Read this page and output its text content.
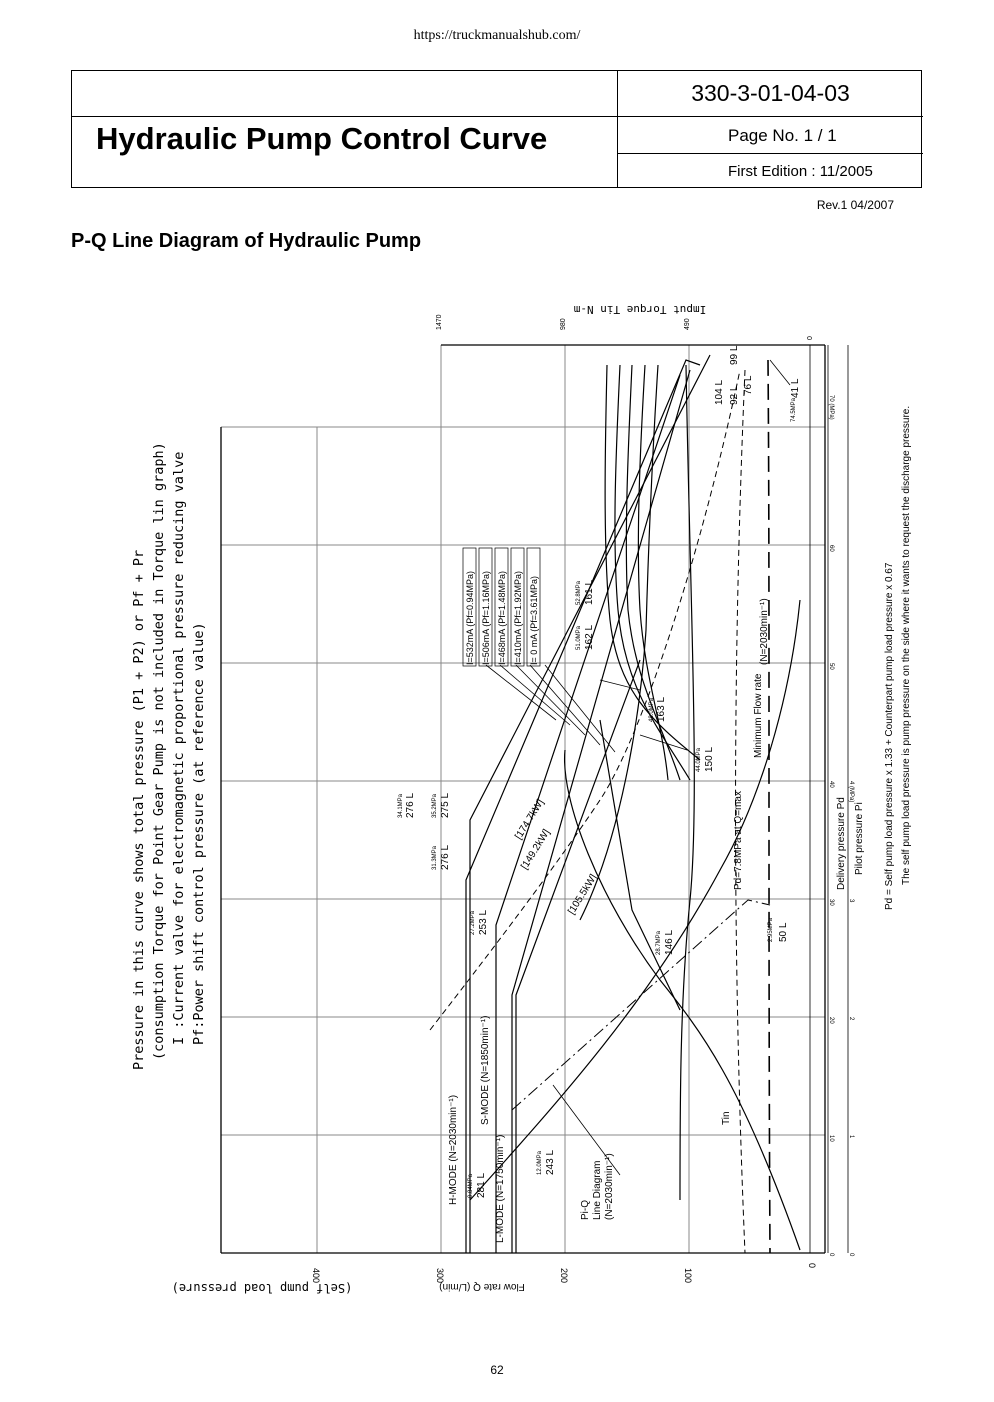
https://truckmanualshub.com/
330-3-01-04-03
Hydraulic Pump Control Curve	Page No. 1 / 1
First Edition : 11/2005
Rev.1 04/2007
P-Q Line Diagram of Hydraulic Pump
0
10
20
30
40
50
60
70 (MPa)
0
1
2
3
4 (MPa)
1470	980	490
0
Imput Torque Tin N-m
400	300	200	100
0
Flow rate Q (L/min)
(Self pump load pressure)
Pressure in this curve shows total pressure (P1 + P2) or Pf + Pr (consumption Torque for Point Gear Pump is not included in Torque lin graph) I :Current valve for electromagnetic proportional pressure reducing valve Pf:Power shift control pressure (at reference value)	Pd = Self pump load pressure x 1.33 + Counterpart pump load pressure x 0.67 The self pump load pressure is pump pressure on the side where it wants to request the discharge pressure.
Delivery pressure Pd Pilot pressure Pi
I=532mA (Pf=0.94MPa) I=506mA (Pf=1.16MPa) I=468mA (Pf=1.48MPa) I=410mA (Pf=1.92MPa) I= 0 mA (Pf=3.61MPa)
H-MODE (N=2030min⁻¹)
S-MODE (N=1850min⁻¹)
L-MODE (N=1750min⁻¹)	Pi-Q Line Diagram (N=2030min⁻¹)
Minimum Flow rate
(N=2030min⁻¹)
Pd=7.8MPa at Q=max
Tin
[174.7kW]
[149.2kW]
[105.5kW]
0.84MPa 281 L
12.0MPa 243 L
27.2MPa 253 L
31.3MPa 276 L
34.1MPa 276 L	35.2MPa 275 L
28.7MPa 146 L	2.95MPa 50 L
44.0MPa 150 L
48.0MPa 163 L
51.0MPa 162 L
52.8MPa 161 L
74.5MPa
41 L
104 L 92 L
99 L
76 L
62
